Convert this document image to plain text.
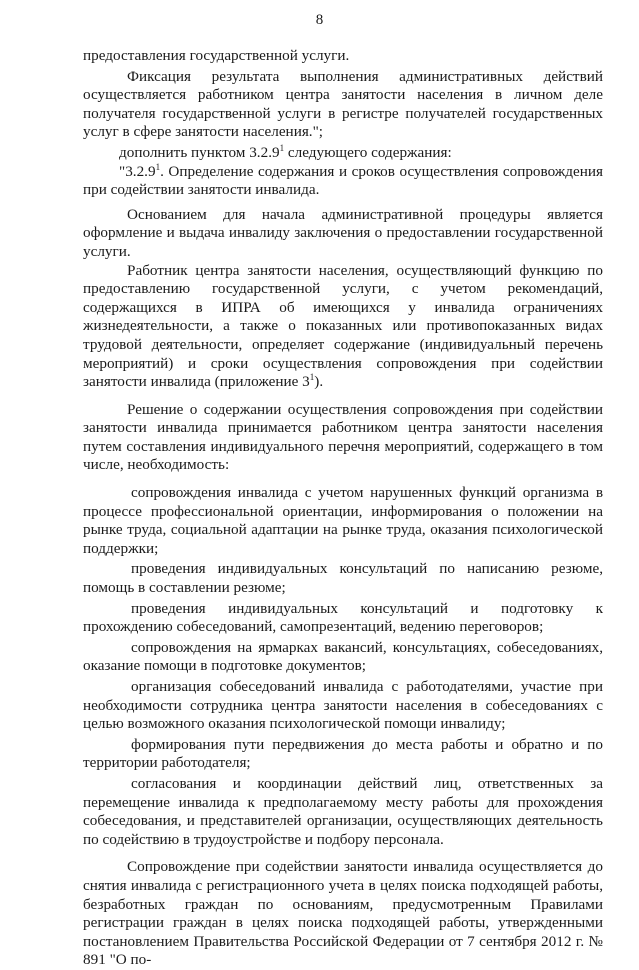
8

предоставления государственной услуги.

Фиксация результата выполнения административных действий осуществляется работником центра занятости населения в личном деле получателя государственной услуги в регистре получателей государственных услуг в сфере занятости населения.";

дополнить пунктом 3.2.9$^1$ следующего содержания:

"3.2.9$^1$. Определение содержания и сроков осуществления сопровождения при содействии занятости инвалида.

Основанием для начала административной процедуры является оформление и выдача инвалиду заключения о предоставлении государственной услуги.

Работник центра занятости населения, осуществляющий функцию по предоставлению государственной услуги, с учетом рекомендаций, содержащихся в ИПРА об имеющихся у инвалида ограничениях жизнедеятельности, а также о показанных или противопоказанных видах трудовой деятельности, определяет содержание (индивидуальный перечень мероприятий) и сроки осуществления сопровождения при содействии занятости инвалида (приложение $3^1$).

Решение о содержании осуществления сопровождения при содействии занятости инвалида принимается работником центра занятости населения путем составления индивидуального перечня мероприятий, содержащего в том числе, необходимость:

сопровождения инвалида с учетом нарушенных функций организма в процессе профессиональной ориентации, информирования о положении на рынке труда, социальной адаптации на рынке труда, оказания психологической поддержки;

проведения индивидуальных консультаций по написанию резюме, помощь в составлении резюме;

проведения индивидуальных консультаций и подготовку к прохождению собеседований, самопрезентаций, ведению переговоров;

сопровождения на ярмарках вакансий, консультациях, собеседованиях, оказание помощи в подготовке документов;

организация собеседований инвалида с работодателями, участие при необходимости сотрудника центра занятости населения в собеседованиях с целью возможного оказания психологической помощи инвалиду;

формирования пути передвижения до места работы и обратно и по территории работодателя;

согласования и координации действий лиц, ответственных за перемещение инвалида к предполагаемому месту работы для прохождения собеседования, и представителей организации, осуществляющих деятельность по содействию в трудоустройстве и подбору персонала.

Сопровождение при содействии занятости инвалида осуществляется до снятия инвалида с регистрационного учета в целях поиска подходящей работы, безработных граждан по основаниям, предусмотренным Правилами регистрации граждан в целях поиска подходящей работы, утвержденными постановлением Правительства Российской Федерации от 7 сентября 2012 г. № 891 "О по-
